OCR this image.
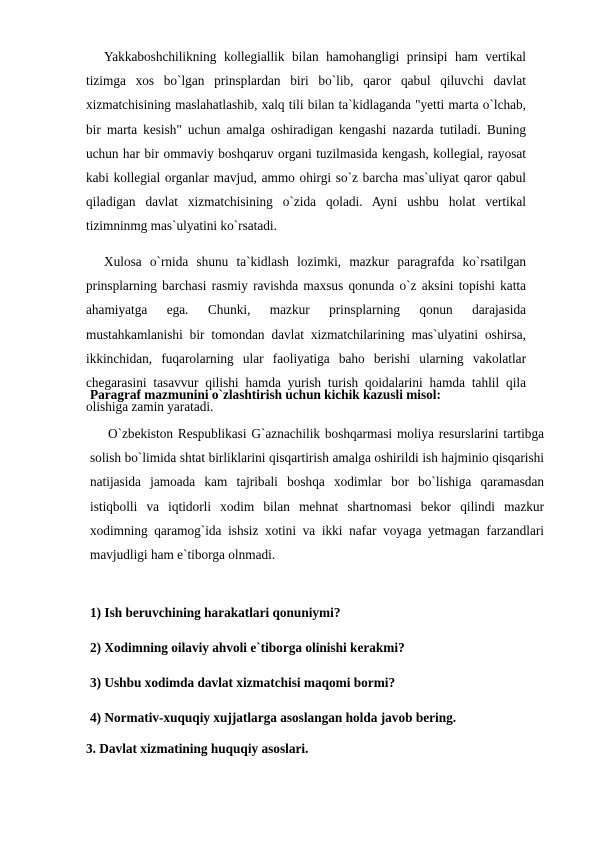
Yakkaboshchilikning kollegiallik bilan hamohangligi prinsipi ham vertikal tizimga xos bo`lgan prinsplardan biri bo`lib, qaror qabul qiluvchi davlat xizmatchisining maslahatlashib, xalq tili bilan ta`kidlaganda "yetti marta o`lchab, bir marta kesish" uchun amalga oshiradigan kengashi nazarda tutiladi. Buning uchun har bir ommaviy boshqaruv organi tuzilmasida kengash, kollegial, rayosat kabi kollegial organlar mavjud, ammo ohirgi so`z barcha mas`uliyat qaror qabul qiladigan davlat xizmatchisining o`zida qoladi. Ayni ushbu holat vertikal tizimninmg mas`ulyatini ko`rsatadi.

Xulosa o`rnida shunu ta`kidlash lozimki, mazkur paragrafda ko`rsatilgan prinsplarning barchasi rasmiy ravishda maxsus qonunda o`z aksini topishi katta ahamiyatga ega. Chunki, mazkur prinsplarning qonun darajasida mustahkamlanishi bir tomondan davlat xizmatchilarining mas`ulyatini oshirsa, ikkinchidan, fuqarolarning ular faoliyatiga baho berishi ularning vakolatlar chegarasini tasavvur qilishi hamda yurish turish qoidalarini hamda tahlil qila olishiga zamin yaratadi.

Paragraf mazmunini o`zlashtirish uchun kichik kazusli misol:

O`zbekiston Respublikasi G`aznachilik boshqarmasi moliya resurslarini tartibga solish bo`limida shtat birliklarini qisqartirish amalga oshirildi ish hajminio qisqarishi natijasida jamoada kam tajribali boshqa xodimlar bor bo`lishiga qaramasdan istiqbolli va iqtidorli xodim bilan mehnat shartnomasi bekor qilindi mazkur xodimning qaramog`ida ishsiz xotini va ikki nafar voyaga yetmagan farzandlari mavjudligi ham e`tiborga olnmadi.

1) Ish beruvchining harakatlari qonuniymi?

2) Xodimning oilaviy ahvoli e`tiborga olinishi kerakmi?

3) Ushbu xodimda davlat xizmatchisi maqomi bormi?

4) Normativ-xuquqiy xujjatlarga asoslangan holda javob bering.

3. Davlat xizmatining huquqiy asoslari.
